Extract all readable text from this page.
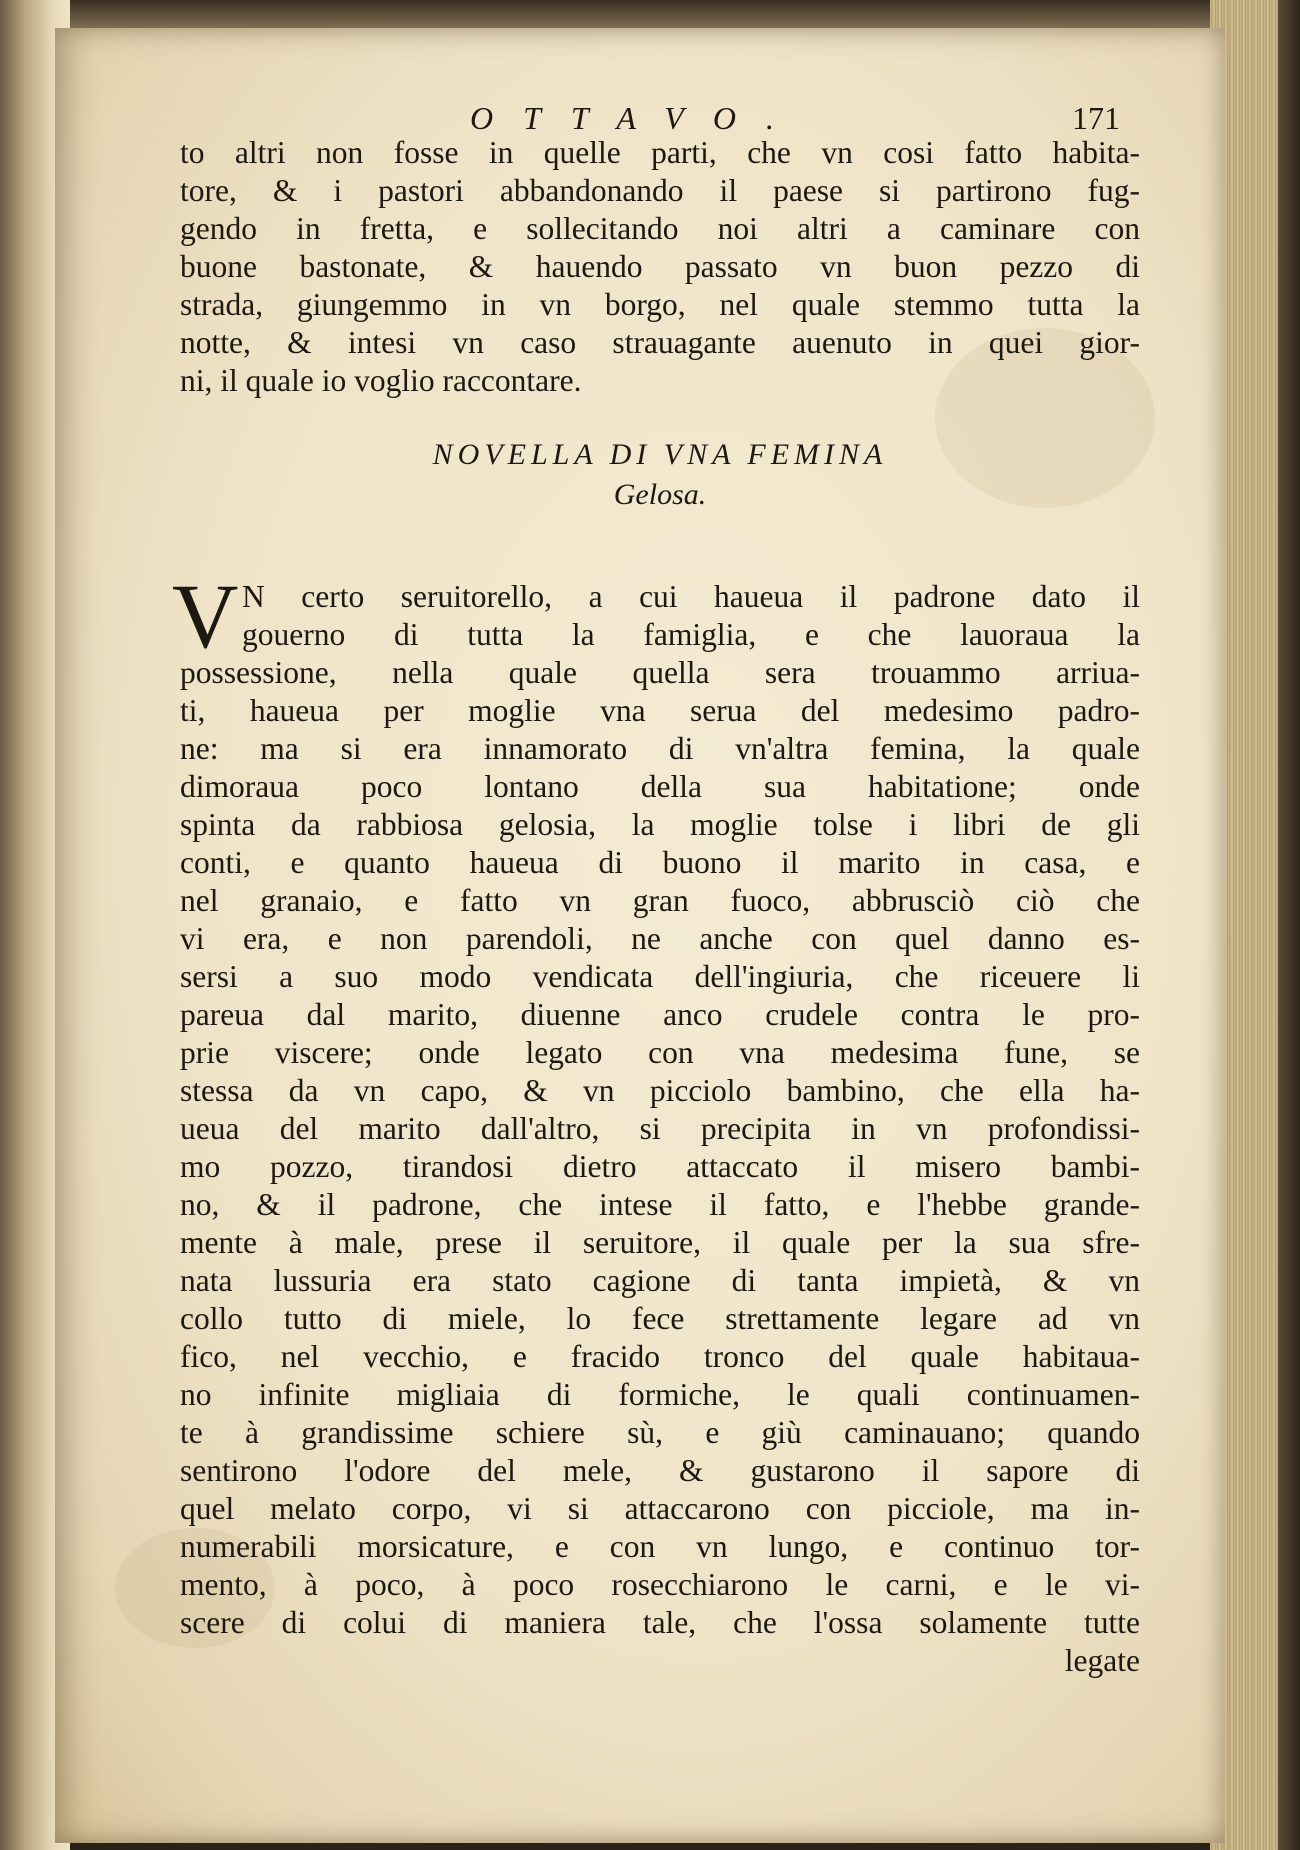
OTTAVO.	171
to altri non fosse in quelle parti, che vn cosi fatto habita-
tore, & i pastori abbandonando il paese si partirono fug-
gendo in fretta, e sollecitando noi altri a caminare con
buone bastonate, & hauendo passato vn buon pezzo di
strada, giungemmo in vn borgo, nel quale stemmo tutta la
notte, & intesi vn caso strauagante auenuto in quei gior-
ni, il quale io voglio raccontare.
NOVELLA DI VNA FEMINA
Gelosa.
V N certo seruitorello, a cui haueua il padrone dato il
gouerno di tutta la famiglia, e che lauoraua la
possessione, nella quale quella sera trouammo arriua-
ti, haueua per moglie vna serua del medesimo padro-
ne: ma si era innamorato di vn'altra femina, la quale
dimoraua poco lontano della sua habitatione; onde
spinta da rabbiosa gelosia, la moglie tolse i libri de gli
conti, e quanto haueua di buono il marito in casa, e
nel granaio, e fatto vn gran fuoco, abbrusciò ciò che
vi era, e non parendoli, ne anche con quel danno es-
sersi a suo modo vendicata dell'ingiuria, che riceuere li
pareua dal marito, diuenne anco crudele contra le pro-
prie viscere; onde legato con vna medesima fune, se
stessa da vn capo, & vn picciolo bambino, che ella ha-
ueua del marito dall'altro, si precipita in vn profondissi-
mo pozzo, tirandosi dietro attaccato il misero bambi-
no, & il padrone, che intese il fatto, e l'hebbe grande-
mente à male, prese il seruitore, il quale per la sua sfre-
nata lussuria era stato cagione di tanta impietà, & vn
collo tutto di miele, lo fece strettamente legare ad vn
fico, nel vecchio, e fracido tronco del quale habitaua-
no infinite migliaia di formiche, le quali continuamen-
te à grandissime schiere sù, e giù caminauano; quando
sentirono l'odore del mele, & gustarono il sapore di
quel melato corpo, vi si attaccarono con picciole, ma in-
numerabili morsicature, e con vn lungo, e continuo tor-
mento, à poco, à poco rosecchiarono le carni, e le vi-
scere di colui di maniera tale, che l'ossa solamente tutte
legate
